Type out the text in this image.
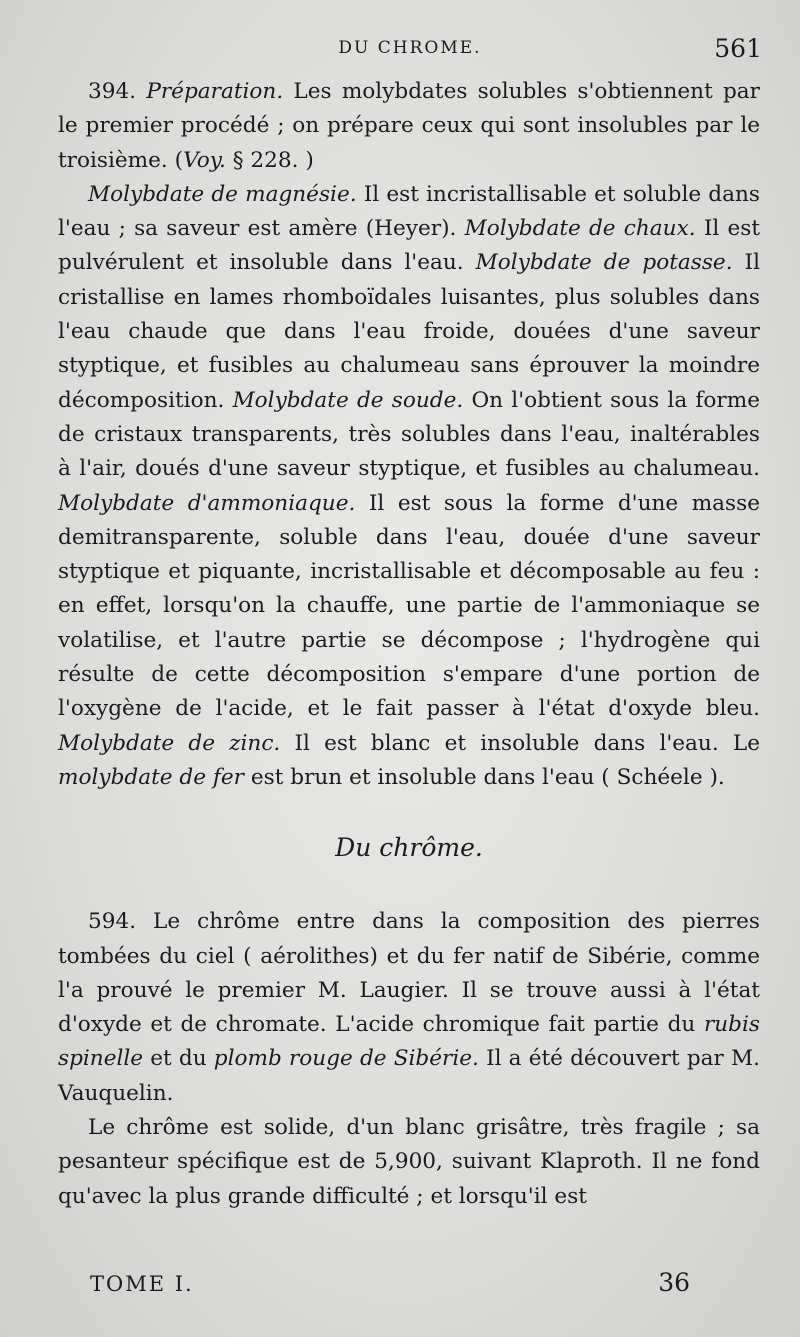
DU CHROME.	561

394. Préparation. Les molybdates solubles s'obtiennent par le premier procédé ; on prépare ceux qui sont insolubles par le troisième. (Voy. § 228. )

Molybdate de magnésie. Il est incristallisable et soluble dans l'eau ; sa saveur est amère (Heyer). Molybdate de chaux. Il est pulvérulent et insoluble dans l'eau. Molybdate de potasse. Il cristallise en lames rhomboïdales luisantes, plus solubles dans l'eau chaude que dans l'eau froide, douées d'une saveur styptique, et fusibles au chalumeau sans éprouver la moindre décomposition. Molybdate de soude. On l'obtient sous la forme de cristaux transparents, très solubles dans l'eau, inaltérables à l'air, doués d'une saveur styptique, et fusibles au chalumeau. Molybdate d'ammoniaque. Il est sous la forme d'une masse demitransparente, soluble dans l'eau, douée d'une saveur styptique et piquante, incristallisable et décomposable au feu : en effet, lorsqu'on la chauffe, une partie de l'ammoniaque se volatilise, et l'autre partie se décompose ; l'hydrogène qui résulte de cette décomposition s'empare d'une portion de l'oxygène de l'acide, et le fait passer à l'état d'oxyde bleu. Molybdate de zinc. Il est blanc et insoluble dans l'eau. Le molybdate de fer est brun et insoluble dans l'eau ( Schéele ).

Du chrôme.

594. Le chrôme entre dans la composition des pierres tombées du ciel ( aérolithes) et du fer natif de Sibérie, comme l'a prouvé le premier M. Laugier. Il se trouve aussi à l'état d'oxyde et de chromate. L'acide chromique fait partie du rubis spinelle et du plomb rouge de Sibérie. Il a été découvert par M. Vauquelin.

Le chrôme est solide, d'un blanc grisâtre, très fragile ; sa pesanteur spécifique est de 5,900, suivant Klaproth. Il ne fond qu'avec la plus grande difficulté ; et lorsqu'il est

TOME I.	36
